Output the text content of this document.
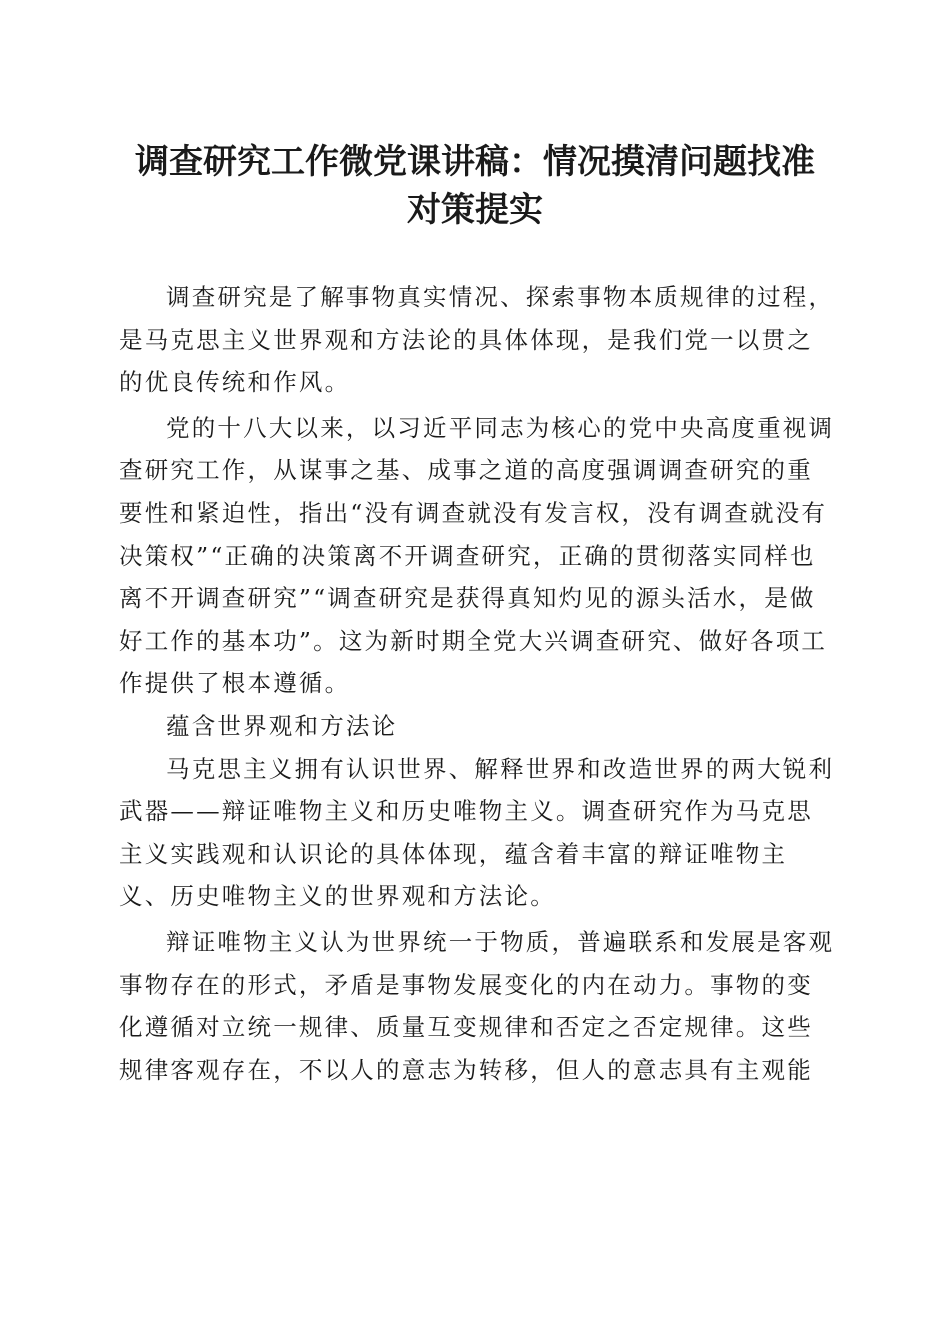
调查研究工作微党课讲稿：情况摸清问题找准
对策提实

调查研究是了解事物真实情况、探索事物本质规律的过程，是马克思主义世界观和方法论的具体体现，是我们党一以贯之的优良传统和作风。

党的十八大以来，以习近平同志为核心的党中央高度重视调查研究工作，从谋事之基、成事之道的高度强调调查研究的重要性和紧迫性，指出“没有调查就没有发言权，没有调查就没有决策权”“正确的决策离不开调查研究，正确的贯彻落实同样也离不开调查研究”“调查研究是获得真知灼见的源头活水，是做好工作的基本功”。这为新时期全党大兴调查研究、做好各项工作提供了根本遵循。

蕴含世界观和方法论

马克思主义拥有认识世界、解释世界和改造世界的两大锐利武器——辩证唯物主义和历史唯物主义。调查研究作为马克思主义实践观和认识论的具体体现，蕴含着丰富的辩证唯物主义、历史唯物主义的世界观和方法论。

辩证唯物主义认为世界统一于物质，普遍联系和发展是客观事物存在的形式，矛盾是事物发展变化的内在动力。事物的变化遵循对立统一规律、质量互变规律和否定之否定规律。这些规律客观存在，不以人的意志为转移，但人的意志具有主观能
